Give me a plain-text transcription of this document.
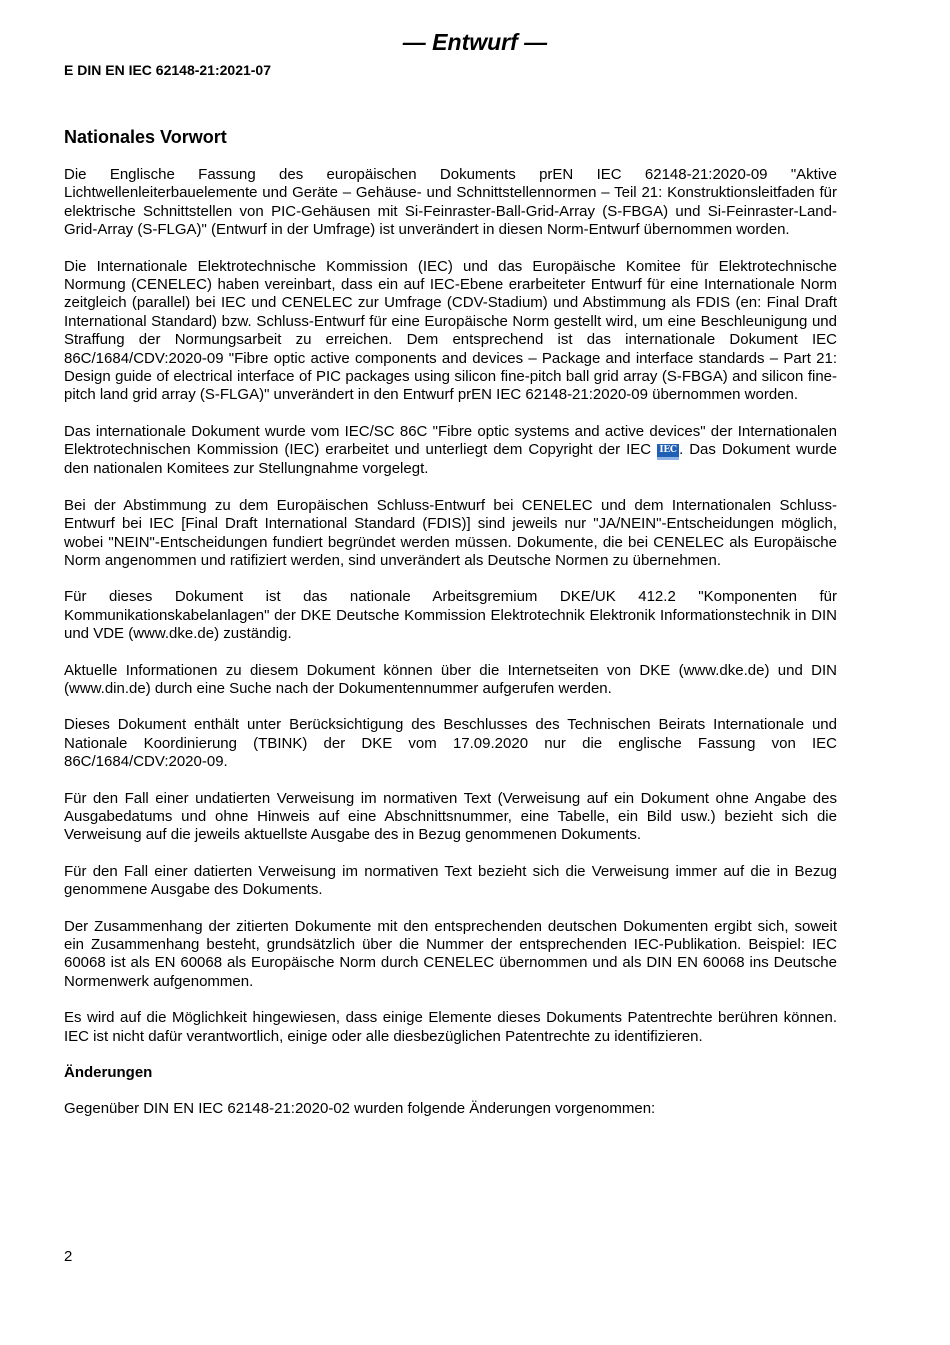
— Entwurf —
E DIN EN IEC 62148-21:2021-07
Nationales Vorwort

Die Englische Fassung des europäischen Dokuments prEN IEC 62148-21:2020-09 "Aktive Lichtwellenleiterbauelemente und Geräte – Gehäuse- und Schnittstellennormen – Teil 21: Konstruktionsleitfaden für elektrische Schnittstellen von PIC-Gehäusen mit Si-Feinraster-Ball-Grid-Array (S-FBGA) und Si-Feinraster-Land-Grid-Array (S-FLGA)" (Entwurf in der Umfrage) ist unverändert in diesen Norm-Entwurf übernommen worden.

Die Internationale Elektrotechnische Kommission (IEC) und das Europäische Komitee für Elektrotechnische Normung (CENELEC) haben vereinbart, dass ein auf IEC-Ebene erarbeiteter Entwurf für eine Internationale Norm zeitgleich (parallel) bei IEC und CENELEC zur Umfrage (CDV-Stadium) und Abstimmung als FDIS (en: Final Draft International Standard) bzw. Schluss-Entwurf für eine Europäische Norm gestellt wird, um eine Beschleunigung und Straffung der Normungsarbeit zu erreichen. Dem entsprechend ist das internationale Dokument IEC 86C/1684/CDV:2020-09 "Fibre optic active components and devices – Package and interface standards – Part 21: Design guide of electrical interface of PIC packages using silicon fine-pitch ball grid array (S-FBGA) and silicon fine-pitch land grid array (S-FLGA)" unverändert in den Entwurf prEN IEC 62148-21:2020-09 übernommen worden.

Das internationale Dokument wurde vom IEC/SC 86C "Fibre optic systems and active devices" der Internationalen Elektrotechnischen Kommission (IEC) erarbeitet und unterliegt dem Copyright der IEC IEC . Das Dokument wurde den nationalen Komitees zur Stellungnahme vorgelegt.

Bei der Abstimmung zu dem Europäischen Schluss-Entwurf bei CENELEC und dem Internationalen Schluss-Entwurf bei IEC [Final Draft International Standard (FDIS)] sind jeweils nur "JA/NEIN"-Entscheidungen möglich, wobei "NEIN"-Entscheidungen fundiert begründet werden müssen. Dokumente, die bei CENELEC als Europäische Norm angenommen und ratifiziert werden, sind unverändert als Deutsche Normen zu übernehmen.

Für dieses Dokument ist das nationale Arbeitsgremium DKE/UK 412.2 "Komponenten für Kommunikationskabelanlagen" der DKE Deutsche Kommission Elektrotechnik Elektronik Informationstechnik in DIN und VDE (www.dke.de) zuständig.

Aktuelle Informationen zu diesem Dokument können über die Internetseiten von DKE (www.dke.de) und DIN (www.din.de) durch eine Suche nach der Dokumentennummer aufgerufen werden.

Dieses Dokument enthält unter Berücksichtigung des Beschlusses des Technischen Beirats Internationale und Nationale Koordinierung (TBINK) der DKE vom 17.09.2020 nur die englische Fassung von IEC 86C/1684/CDV:2020-09.

Für den Fall einer undatierten Verweisung im normativen Text (Verweisung auf ein Dokument ohne Angabe des Ausgabedatums und ohne Hinweis auf eine Abschnittsnummer, eine Tabelle, ein Bild usw.) bezieht sich die Verweisung auf die jeweils aktuellste Ausgabe des in Bezug genommenen Dokuments.

Für den Fall einer datierten Verweisung im normativen Text bezieht sich die Verweisung immer auf die in Bezug genommene Ausgabe des Dokuments.

Der Zusammenhang der zitierten Dokumente mit den entsprechenden deutschen Dokumenten ergibt sich, soweit ein Zusammenhang besteht, grundsätzlich über die Nummer der entsprechenden IEC-Publikation. Beispiel: IEC 60068 ist als EN 60068 als Europäische Norm durch CENELEC übernommen und als DIN EN 60068 ins Deutsche Normenwerk aufgenommen.

Es wird auf die Möglichkeit hingewiesen, dass einige Elemente dieses Dokuments Patentrechte berühren können. IEC ist nicht dafür verantwortlich, einige oder alle diesbezüglichen Patentrechte zu identifizieren.

Änderungen

Gegenüber DIN EN IEC 62148-21:2020-02 wurden folgende Änderungen vorgenommen:

2
